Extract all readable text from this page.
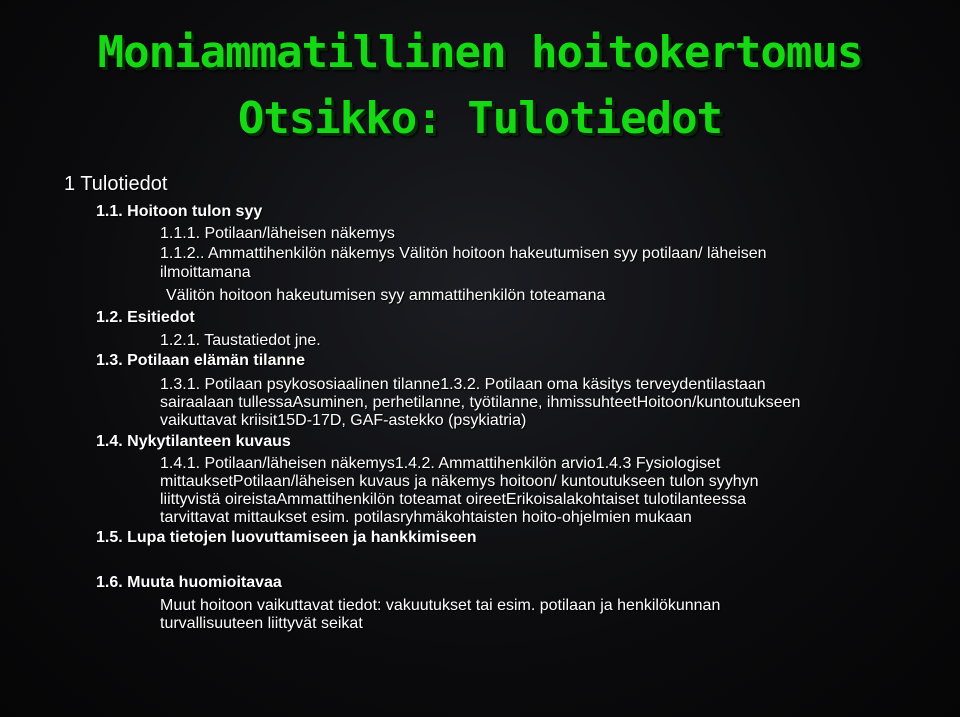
Moniammatillinen hoitokertomus
Otsikko: Tulotiedot
1 Tulotiedot
1.1. Hoitoon tulon syy
1.1.1. Potilaan/läheisen näkemys
1.1.2.. Ammattihenkilön näkemys Välitön hoitoon hakeutumisen syy potilaan/ läheisen
ilmoittamana
Välitön hoitoon hakeutumisen syy ammattihenkilön toteamana
1.2. Esitiedot
1.2.1. Taustatiedot jne.
1.3. Potilaan elämän tilanne
1.3.1. Potilaan psykososiaalinen tilanne1.3.2. Potilaan oma käsitys terveydentilastaan
sairaalaan tullessaAsuminen, perhetilanne, työtilanne, ihmissuhteetHoitoon/kuntoutukseen
vaikuttavat kriisit15D-17D, GAF-astekko (psykiatria)
1.4. Nykytilanteen kuvaus
1.4.1. Potilaan/läheisen näkemys1.4.2. Ammattihenkilön arvio1.4.3 Fysiologiset
mittauksetPotilaan/läheisen kuvaus ja näkemys hoitoon/ kuntoutukseen tulon syyhyn
liittyvistä oireistaAmmattihenkilön toteamat oireetErikoisalakohtaiset tulotilanteessa
tarvittavat mittaukset esim. potilasryhmäkohtaisten hoito-ohjelmien mukaan
1.5. Lupa tietojen luovuttamiseen ja hankkimiseen
1.6. Muuta huomioitavaa
Muut hoitoon vaikuttavat tiedot: vakuutukset tai esim. potilaan ja henkilökunnan
turvallisuuteen liittyvät seikat
